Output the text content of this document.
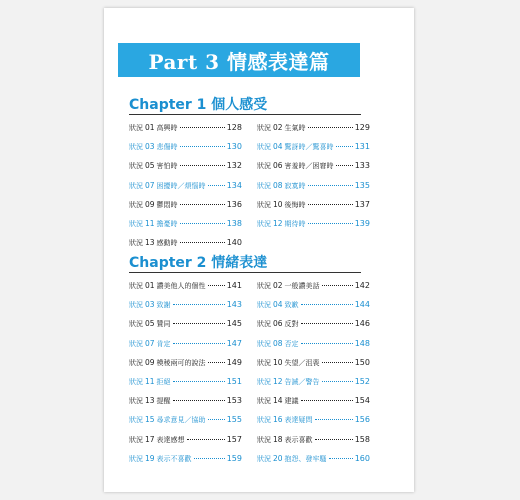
Part 3 情感表達篇
Chapter 1 個人感受
狀況 01 高興時	128 狀況 02 生氣時	129
狀況 03 悲傷時	130 狀況 04 驚訝時／驚喜時	131
狀況 05 害怕時	132 狀況 06 害羞時／困窘時	133
狀況 07 困擾時／煩惱時	134 狀況 08 寂寞時	135
狀況 09 鬱悶時	136 狀況 10 後悔時	137
狀況 11 擔憂時	138 狀況 12 期待時	139
狀況 13 感動時	140
Chapter 2 情緒表達
狀況 01 讚美他人的個性	141 狀況 02 一般讚美話	142
狀況 03 致謝	143 狀況 04 致歉	144
狀況 05 贊同	145 狀況 06 反對	146
狀況 07 肯定	147 狀況 08 否定	148
狀況 09 模稜兩可的說法	149 狀況 10 失望／沮喪	150
狀況 11 拒絕	151 狀況 12 告誡／警告	152
狀況 13 提醒	153 狀況 14 建議	154
狀況 15 尋求意見／協助	155 狀況 16 表達疑問	156
狀況 17 表達感想	157 狀況 18 表示喜歡	158
狀況 19 表示不喜歡	159 狀況 20 抱怨、發牢騷	160
